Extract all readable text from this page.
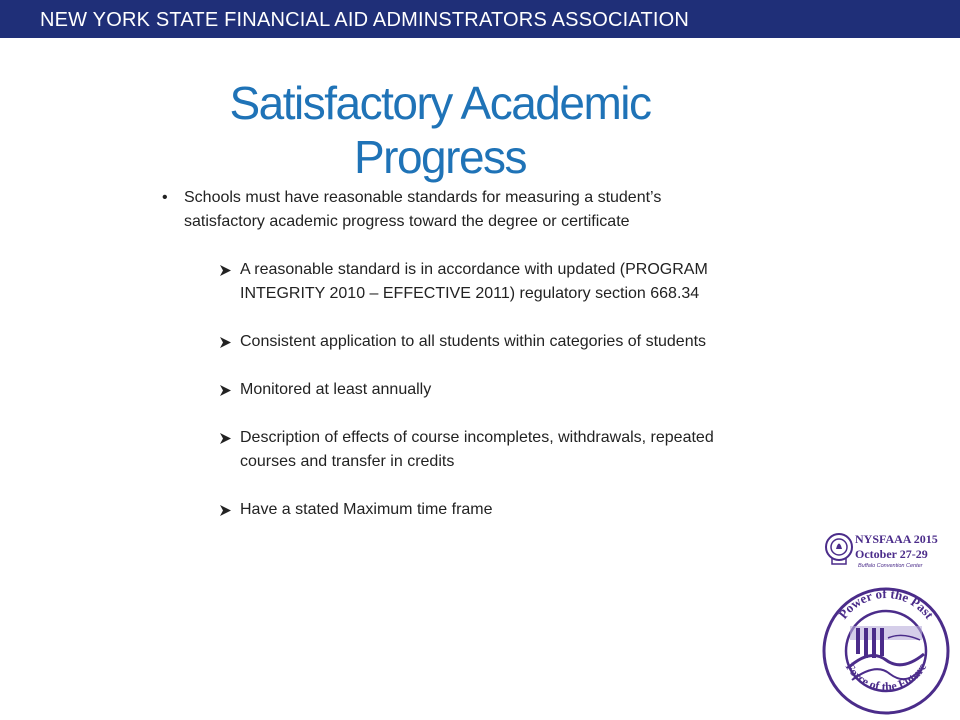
NEW YORK STATE FINANCIAL AID ADMINSTRATORS ASSOCIATION
Satisfactory Academic
Progress
• Schools must have reasonable standards for measuring a student’s satisfactory academic progress toward the degree or certificate
A reasonable standard is in accordance with updated (PROGRAM INTEGRITY 2010 – EFFECTIVE 2011) regulatory section 668.34
Consistent application to all students within categories of students
Monitored at least annually
Description of effects of course incompletes, withdrawals, repeated courses and transfer in credits
Have a stated Maximum time frame
NYSFAAA 2015
October 27-29
Buffalo Convention Center
Power of the Past
Force of the Future
